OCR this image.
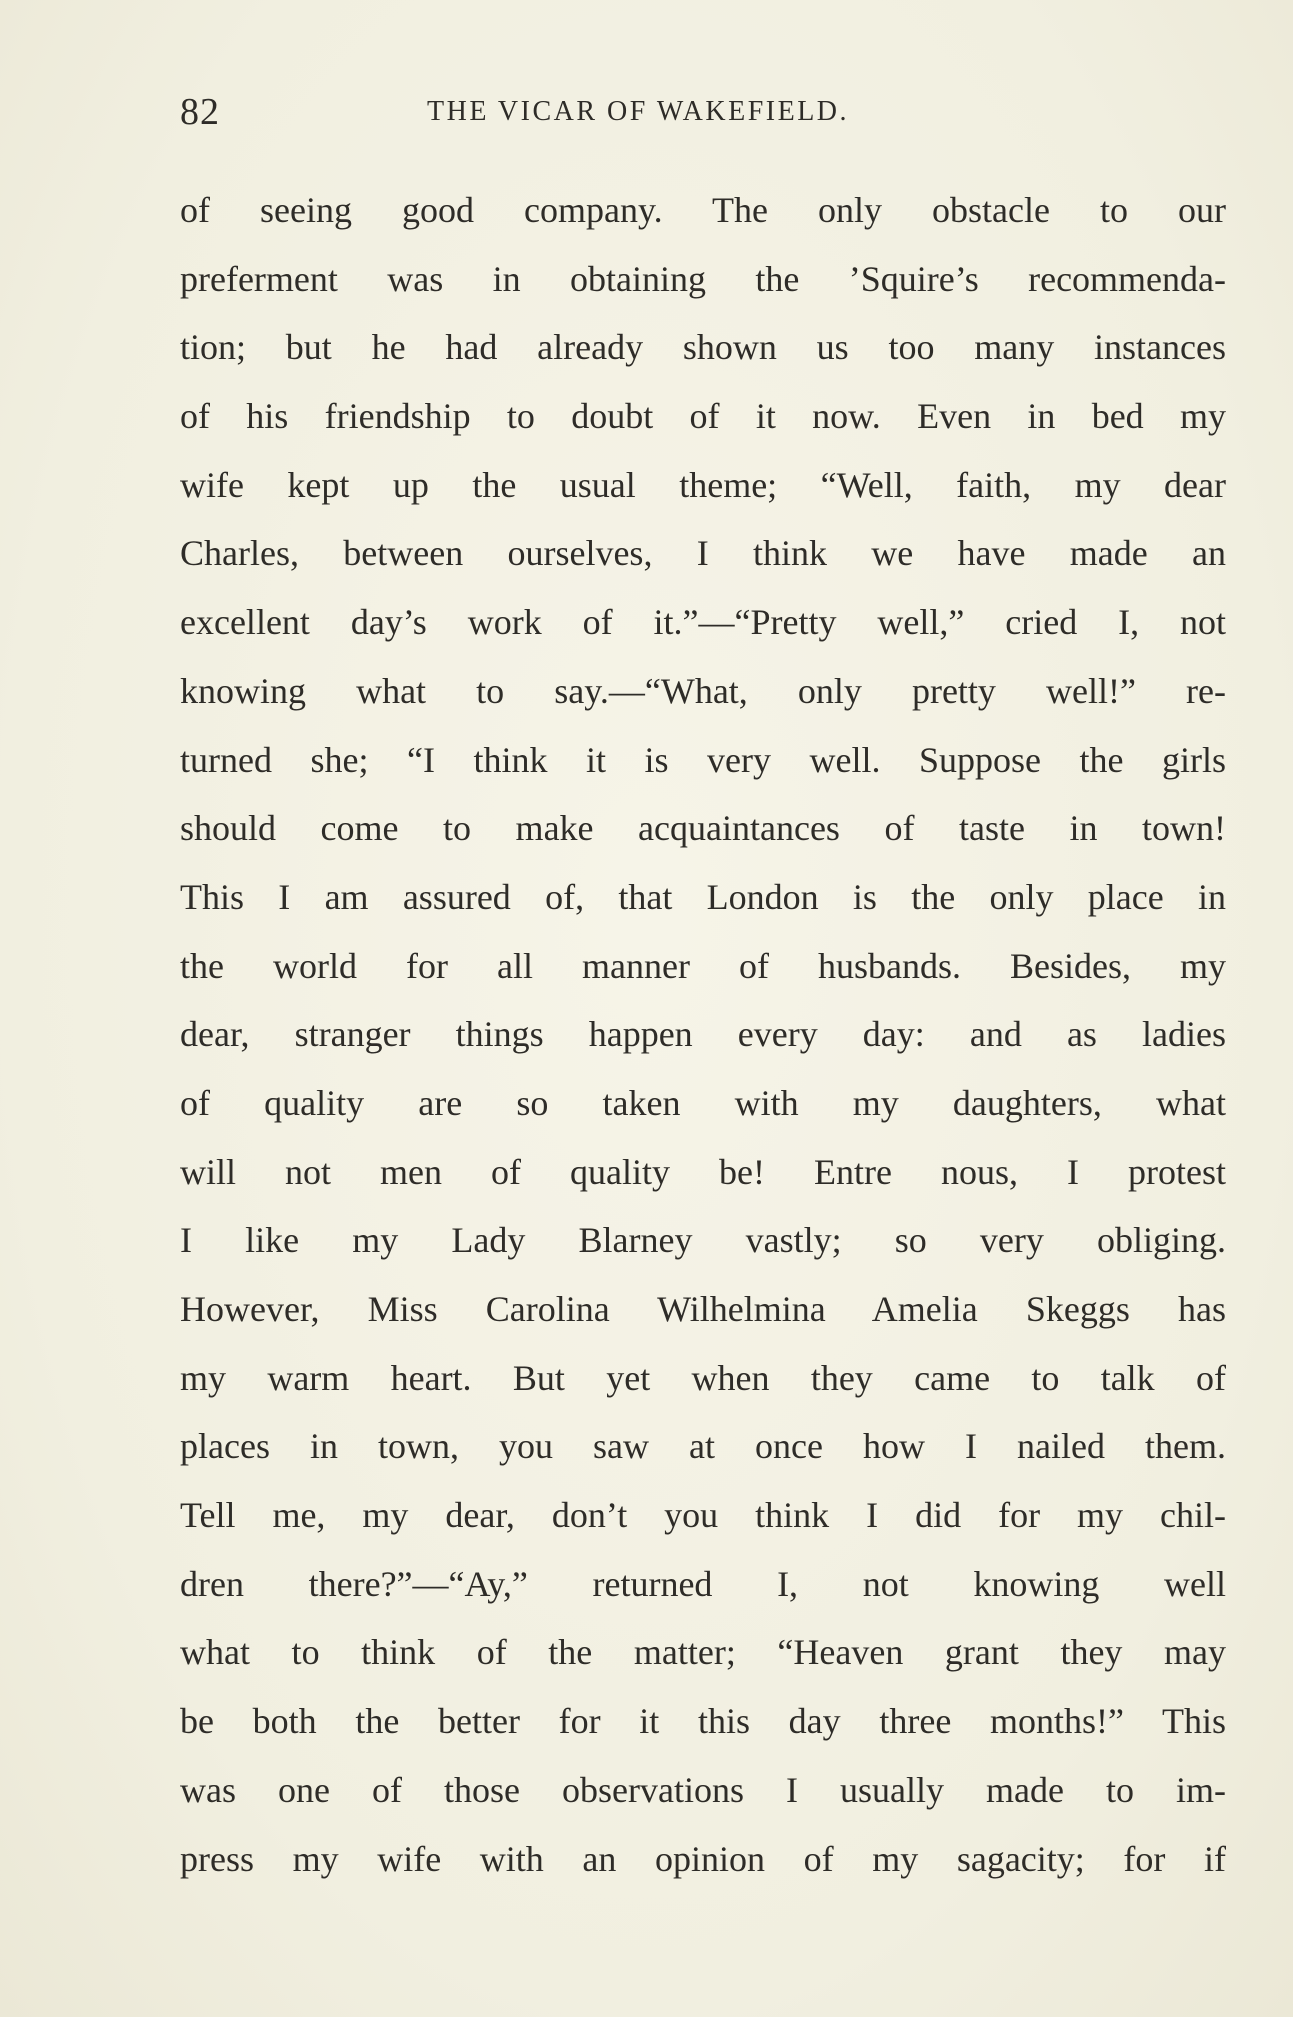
82	THE VICAR OF WAKEFIELD.
of seeing good company. The only obstacle to our
preferment was in obtaining the ’Squire’s recommenda-
tion; but he had already shown us too many instances
of his friendship to doubt of it now. Even in bed my
wife kept up the usual theme; “Well, faith, my dear
Charles, between ourselves, I think we have made an
excellent day’s work of it.”—“Pretty well,” cried I, not
knowing what to say.—“What, only pretty well!” re-
turned she; “I think it is very well. Suppose the girls
should come to make acquaintances of taste in town!
This I am assured of, that London is the only place in
the world for all manner of husbands. Besides, my
dear, stranger things happen every day: and as ladies
of quality are so taken with my daughters, what
will not men of quality be! Entre nous, I protest
I like my Lady Blarney vastly; so very obliging.
However, Miss Carolina Wilhelmina Amelia Skeggs has
my warm heart. But yet when they came to talk of
places in town, you saw at once how I nailed them.
Tell me, my dear, don’t you think I did for my chil-
dren there?”—“Ay,” returned I, not knowing well
what to think of the matter; “Heaven grant they may
be both the better for it this day three months!” This
was one of those observations I usually made to im-
press my wife with an opinion of my sagacity; for if
